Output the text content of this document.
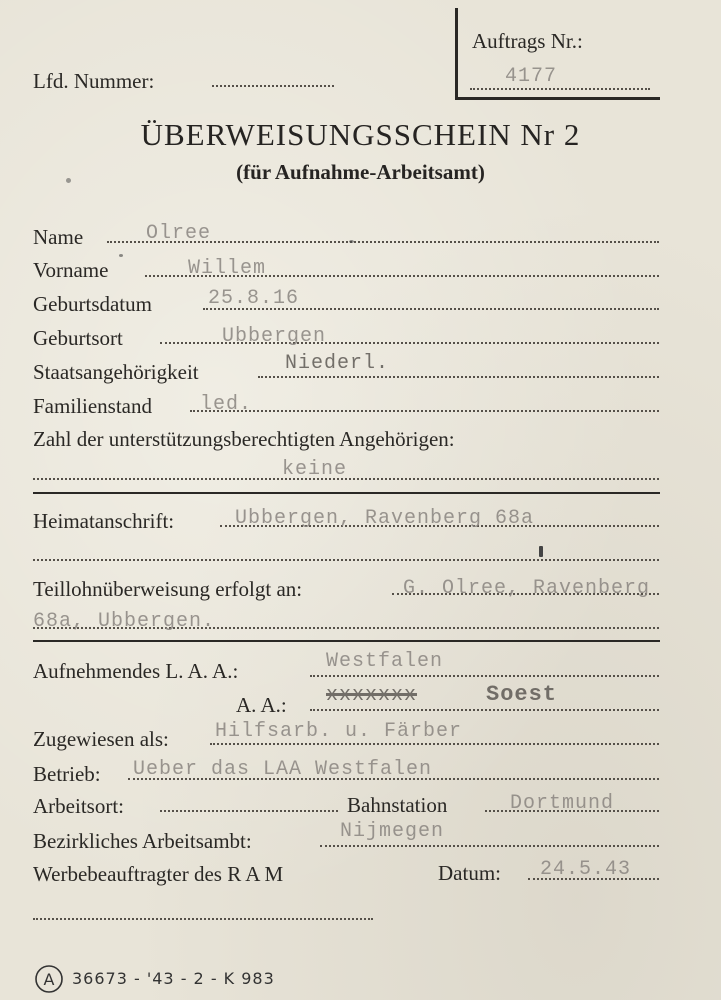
Lfd. Nummer:
Auftrags Nr.:
4177
ÜBERWEISUNGSSCHEIN Nr 2
(für Aufnahme-Arbeitsamt)
Name	Olree
Vorname	Willem
Geburtsdatum	25.8.16
Geburtsort	Ubbergen
Staatsangehörigkeit	Niederl.
Familienstand led.
Zahl der unterstützungsberechtigten Angehörigen:
keine
Heimatanschrift:	Ubbergen, Ravenberg 68a
Teillohnüberweisung erfolgt an:	G. Olree, Ravenberg
68a, Ubbergen.
Aufnehmendes L. A. A.:	Westfalen
A. A.: xxxxxxx	Soest
Zugewiesen als: Hilfsarb. u. Färber
Betrieb: Ueber das LAA Westfalen
Arbeitsort:	Bahnstation	Dortmund
Bezirkliches Arbeitsambt:	Nijmegen
Werbebeauftragter des R A M	Datum: 24.5.43
A 36673 - '43 - 2 - K 983
